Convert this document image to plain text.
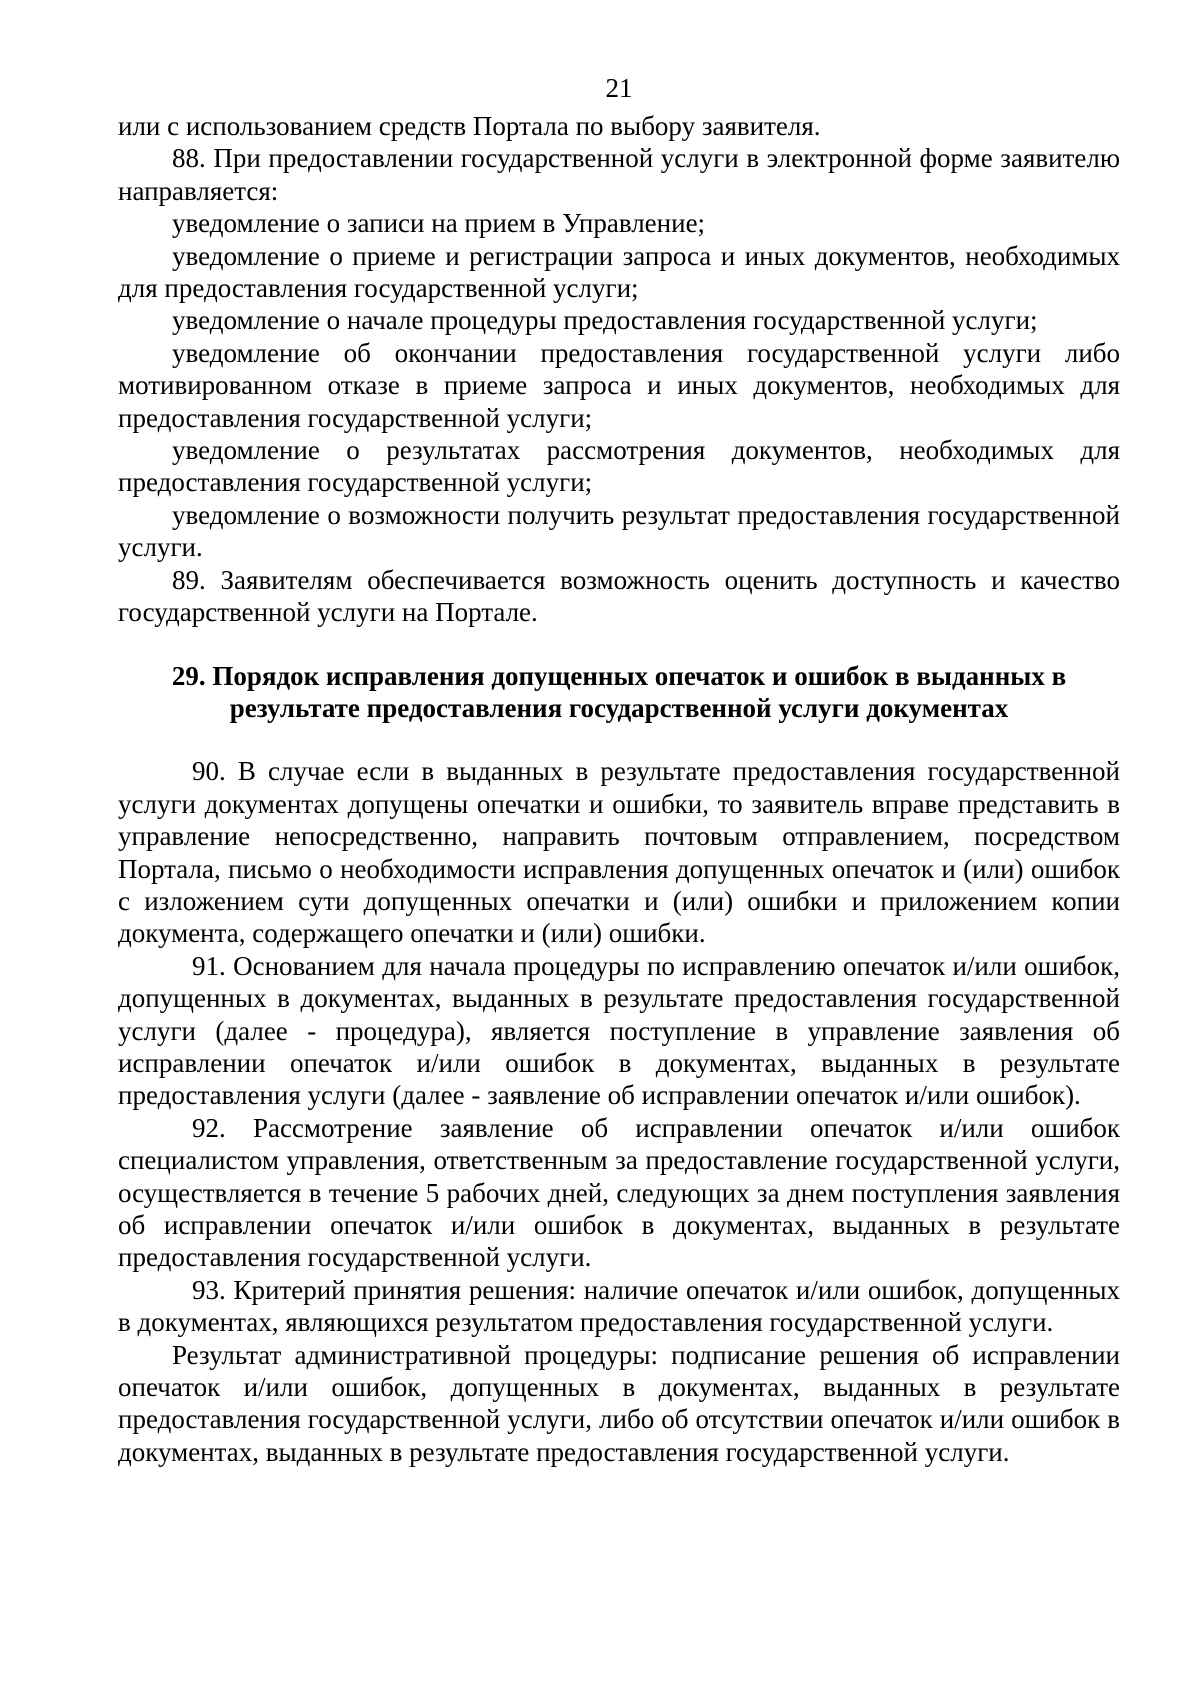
21

или с использованием средств Портала по выбору заявителя.

88. При предоставлении государственной услуги в электронной форме заявителю направляется:

уведомление о записи на прием в Управление;

уведомление о приеме и регистрации запроса и иных документов, необходимых для предоставления государственной услуги;

уведомление о начале процедуры предоставления государственной услуги;

уведомление об окончании предоставления государственной услуги либо мотивированном отказе в приеме запроса и иных документов, необходимых для предоставления государственной услуги;

уведомление о результатах рассмотрения документов, необходимых для предоставления государственной услуги;

уведомление о возможности получить результат предоставления государственной услуги.

89. Заявителям обеспечивается возможность оценить доступность и качество государственной услуги на Портале.

29. Порядок исправления допущенных опечаток и ошибок в выданных в
результате предоставления государственной услуги документах

90. В случае если в выданных в результате предоставления государственной услуги документах допущены опечатки и ошибки, то заявитель вправе представить в управление непосредственно, направить почтовым отправлением, посредством Портала, письмо о необходимости исправления допущенных опечаток и (или) ошибок с изложением сути допущенных опечатки и (или) ошибки и приложением копии документа, содержащего опечатки и (или) ошибки.

91. Основанием для начала процедуры по исправлению опечаток и/или ошибок, допущенных в документах, выданных в результате предоставления государственной услуги (далее - процедура), является поступление в управление заявления об исправлении опечаток и/или ошибок в документах, выданных в результате предоставления услуги (далее - заявление об исправлении опечаток и/или ошибок).

92. Рассмотрение заявление об исправлении опечаток и/или ошибок специалистом управления, ответственным за предоставление государственной услуги, осуществляется в течение 5 рабочих дней, следующих за днем поступления заявления об исправлении опечаток и/или ошибок в документах, выданных в результате предоставления государственной услуги.

93. Критерий принятия решения: наличие опечаток и/или ошибок, допущенных в документах, являющихся результатом предоставления государственной услуги.

Результат административной процедуры: подписание решения об исправлении опечаток и/или ошибок, допущенных в документах, выданных в результате предоставления государственной услуги, либо об отсутствии опечаток и/или ошибок в документах, выданных в результате предоставления государственной услуги.
